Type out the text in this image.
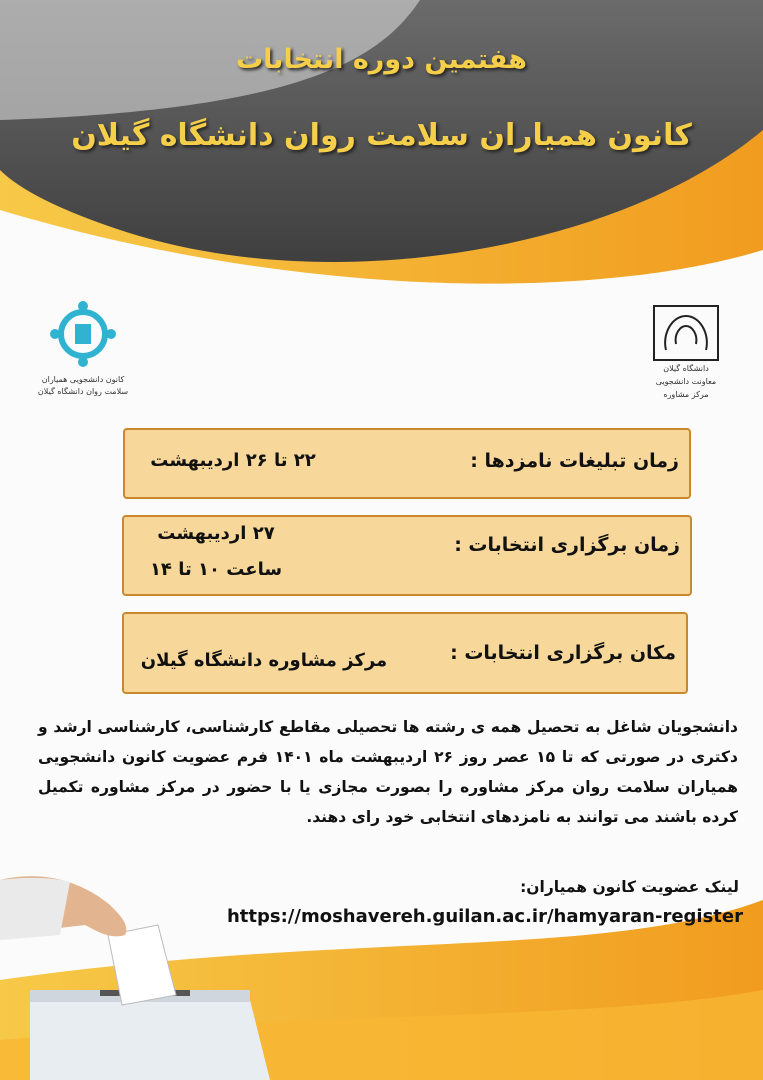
هفتمین دوره انتخابات
کانون همیاران سلامت روان دانشگاه گیلان
کانون دانشجویی همیاران
سلامت روان دانشگاه گیلان
دانشگاه گیلان
معاونت دانشجویی
مرکز مشاوره
زمان تبلیغات نامزدها :
۲۲ تا ۲۶ اردیبهشت
زمان برگزاری انتخابات :
۲۷ اردیبهشت
ساعت ۱۰ تا ۱۴
مکان برگزاری انتخابات :
مرکز مشاوره دانشگاه گیلان
دانشجویان شاغل به تحصیل همه ی رشته ها تحصیلی مقاطع کارشناسی، کارشناسی ارشد و دکتری در صورتی که تا ۱۵ عصر روز ۲۶ اردیبهشت ماه ۱۴۰۱ فرم عضویت کانون دانشجویی همیاران سلامت روان مرکز مشاوره را بصورت مجازی یا با حضور در مرکز مشاوره تکمیل کرده باشند می توانند به نامزدهای انتخابی خود رای دهند.
لینک عضویت کانون همیاران:
https://moshavereh.guilan.ac.ir/hamyaran-register
